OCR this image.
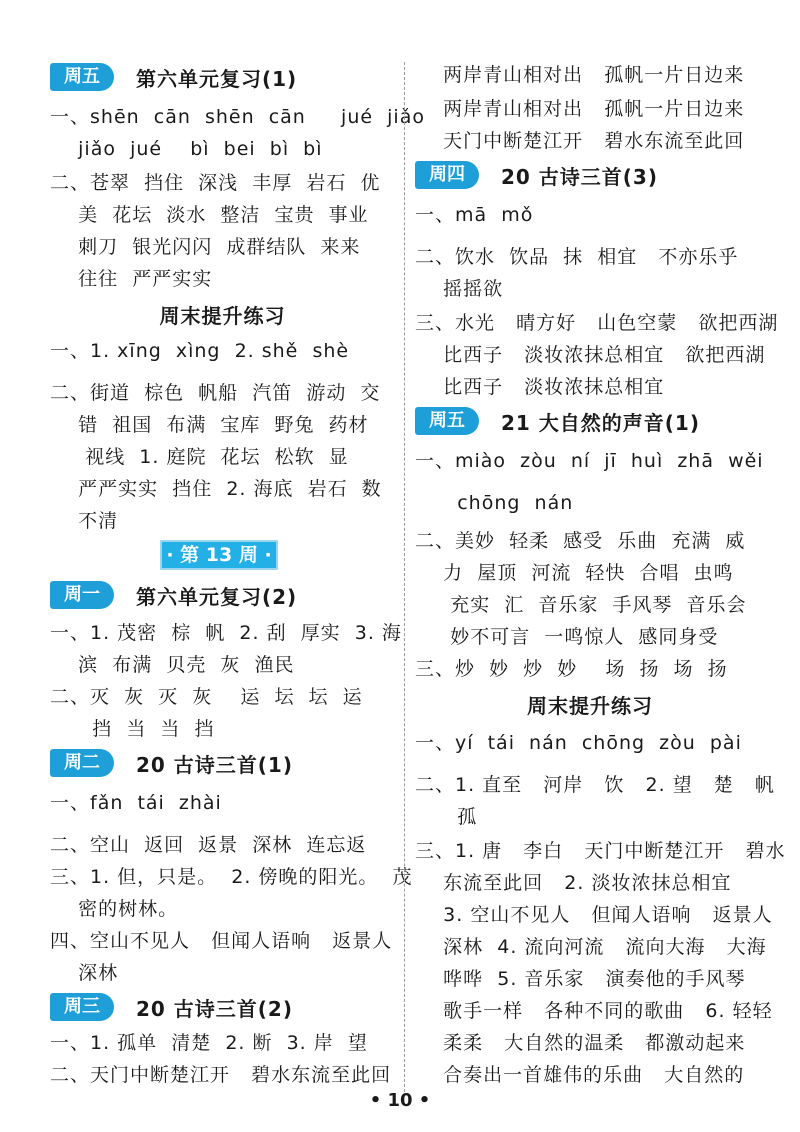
周五	第六单元复习(1)
一、shēn  cān  shēn  cān     jué  jiǎo
jiǎo  jué    bì  bei  bì  bì
二、苍翠  挡住  深浅  丰厚  岩石  优
美  花坛  淡水  整洁  宝贵  事业
刺刀  银光闪闪  成群结队  来来
往往  严严实实
周末提升练习
一、1. xīng  xìng  2. shě  shè
二、街道  棕色  帆船  汽笛  游动  交
错  祖国  布满  宝库  野兔  药材
视线  1. 庭院  花坛  松软  显
严严实实  挡住  2. 海底  岩石  数
不清
· 第 13 周 ·
周一	第六单元复习(2)
一、1. 茂密  棕  帆  2. 刮  厚实  3. 海
滨  布满  贝壳  灰  渔民
二、灭  灰  灭  灰    运  坛  坛  运
挡  当  当  挡
周二	20 古诗三首(1)
一、fǎn  tái  zhài
二、空山  返回  返景  深林  连忘返
三、1. 但，只是。  2. 傍晚的阳光。  茂
密的树林。
四、空山不见人   但闻人语响   返景人
深林
周三	20 古诗三首(2)
一、1. 孤单  清楚  2. 断  3. 岸  望
二、天门中断楚江开   碧水东流至此回
两岸青山相对出   孤帆一片日边来
两岸青山相对出   孤帆一片日边来
天门中断楚江开   碧水东流至此回
周四	20 古诗三首(3)
一、mā  mǒ
二、饮水  饮品  抹  相宜   不亦乐乎
摇摇欲
三、水光   晴方好   山色空蒙   欲把西湖
比西子   淡妆浓抹总相宜   欲把西湖
比西子   淡妆浓抹总相宜
周五	21 大自然的声音(1)
一、miào  zòu  ní  jī  huì  zhā  wěi
chōng  nán
二、美妙  轻柔  感受  乐曲  充满  威
力  屋顶  河流  轻快  合唱  虫鸣
充实  汇  音乐家  手风琴  音乐会
妙不可言  一鸣惊人  感同身受
三、炒  妙  炒  妙    场  扬  场  扬
周末提升练习
一、yí  tái  nán  chōng  zòu  pài
二、1. 直至   河岸   饮   2. 望   楚   帆
孤
三、1. 唐   李白   天门中断楚江开   碧水
东流至此回   2. 淡妆浓抹总相宜
3. 空山不见人   但闻人语响   返景人
深林  4. 流向河流   流向大海   大海
哗哗  5. 音乐家   演奏他的手风琴
歌手一样   各种不同的歌曲   6. 轻轻
柔柔   大自然的温柔   都激动起来
合奏出一首雄伟的乐曲   大自然的
• 10 •
